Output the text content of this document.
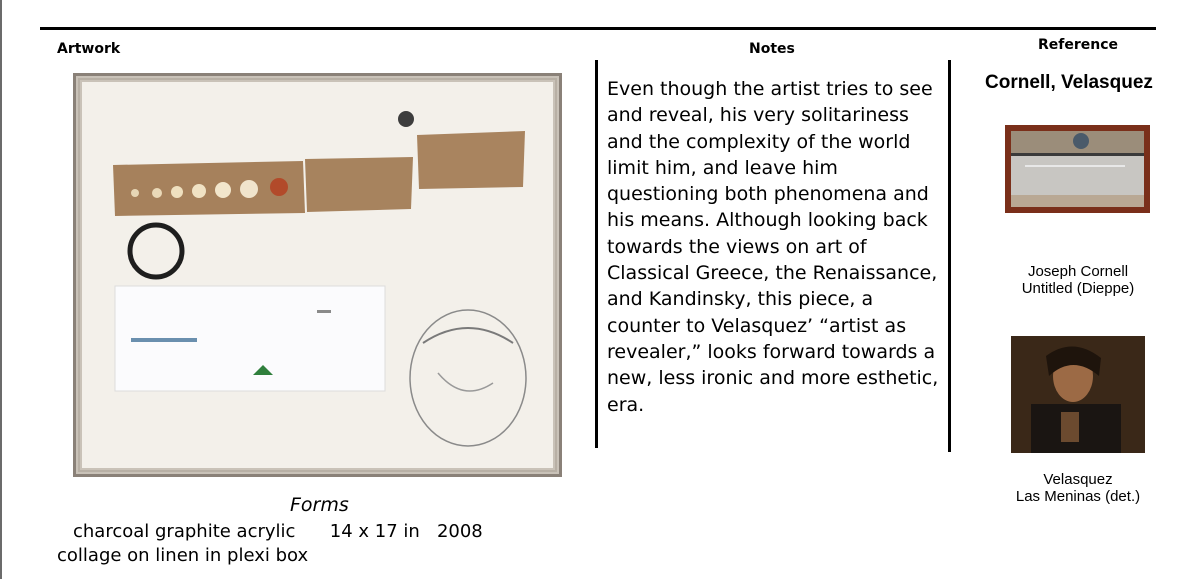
Artwork	Notes	Reference
Forms
charcoal graphite acrylic      14 x 17 in   2008
collage on linen in plexi box

Even though the artist tries to see and reveal, his very solitariness and the complexity of the world limit him, and leave him questioning both phenomena and his means. Although looking back towards the views on art of Classical Greece, the Renaissance, and Kandinsky, this piece, a counter to Velasquez’ “artist as revealer,” looks forward towards a new, less ironic and more esthetic, era.

Cornell, Velasquez
Joseph Cornell
Untitled (Dieppe)
Velasquez
Las Meninas (det.)
